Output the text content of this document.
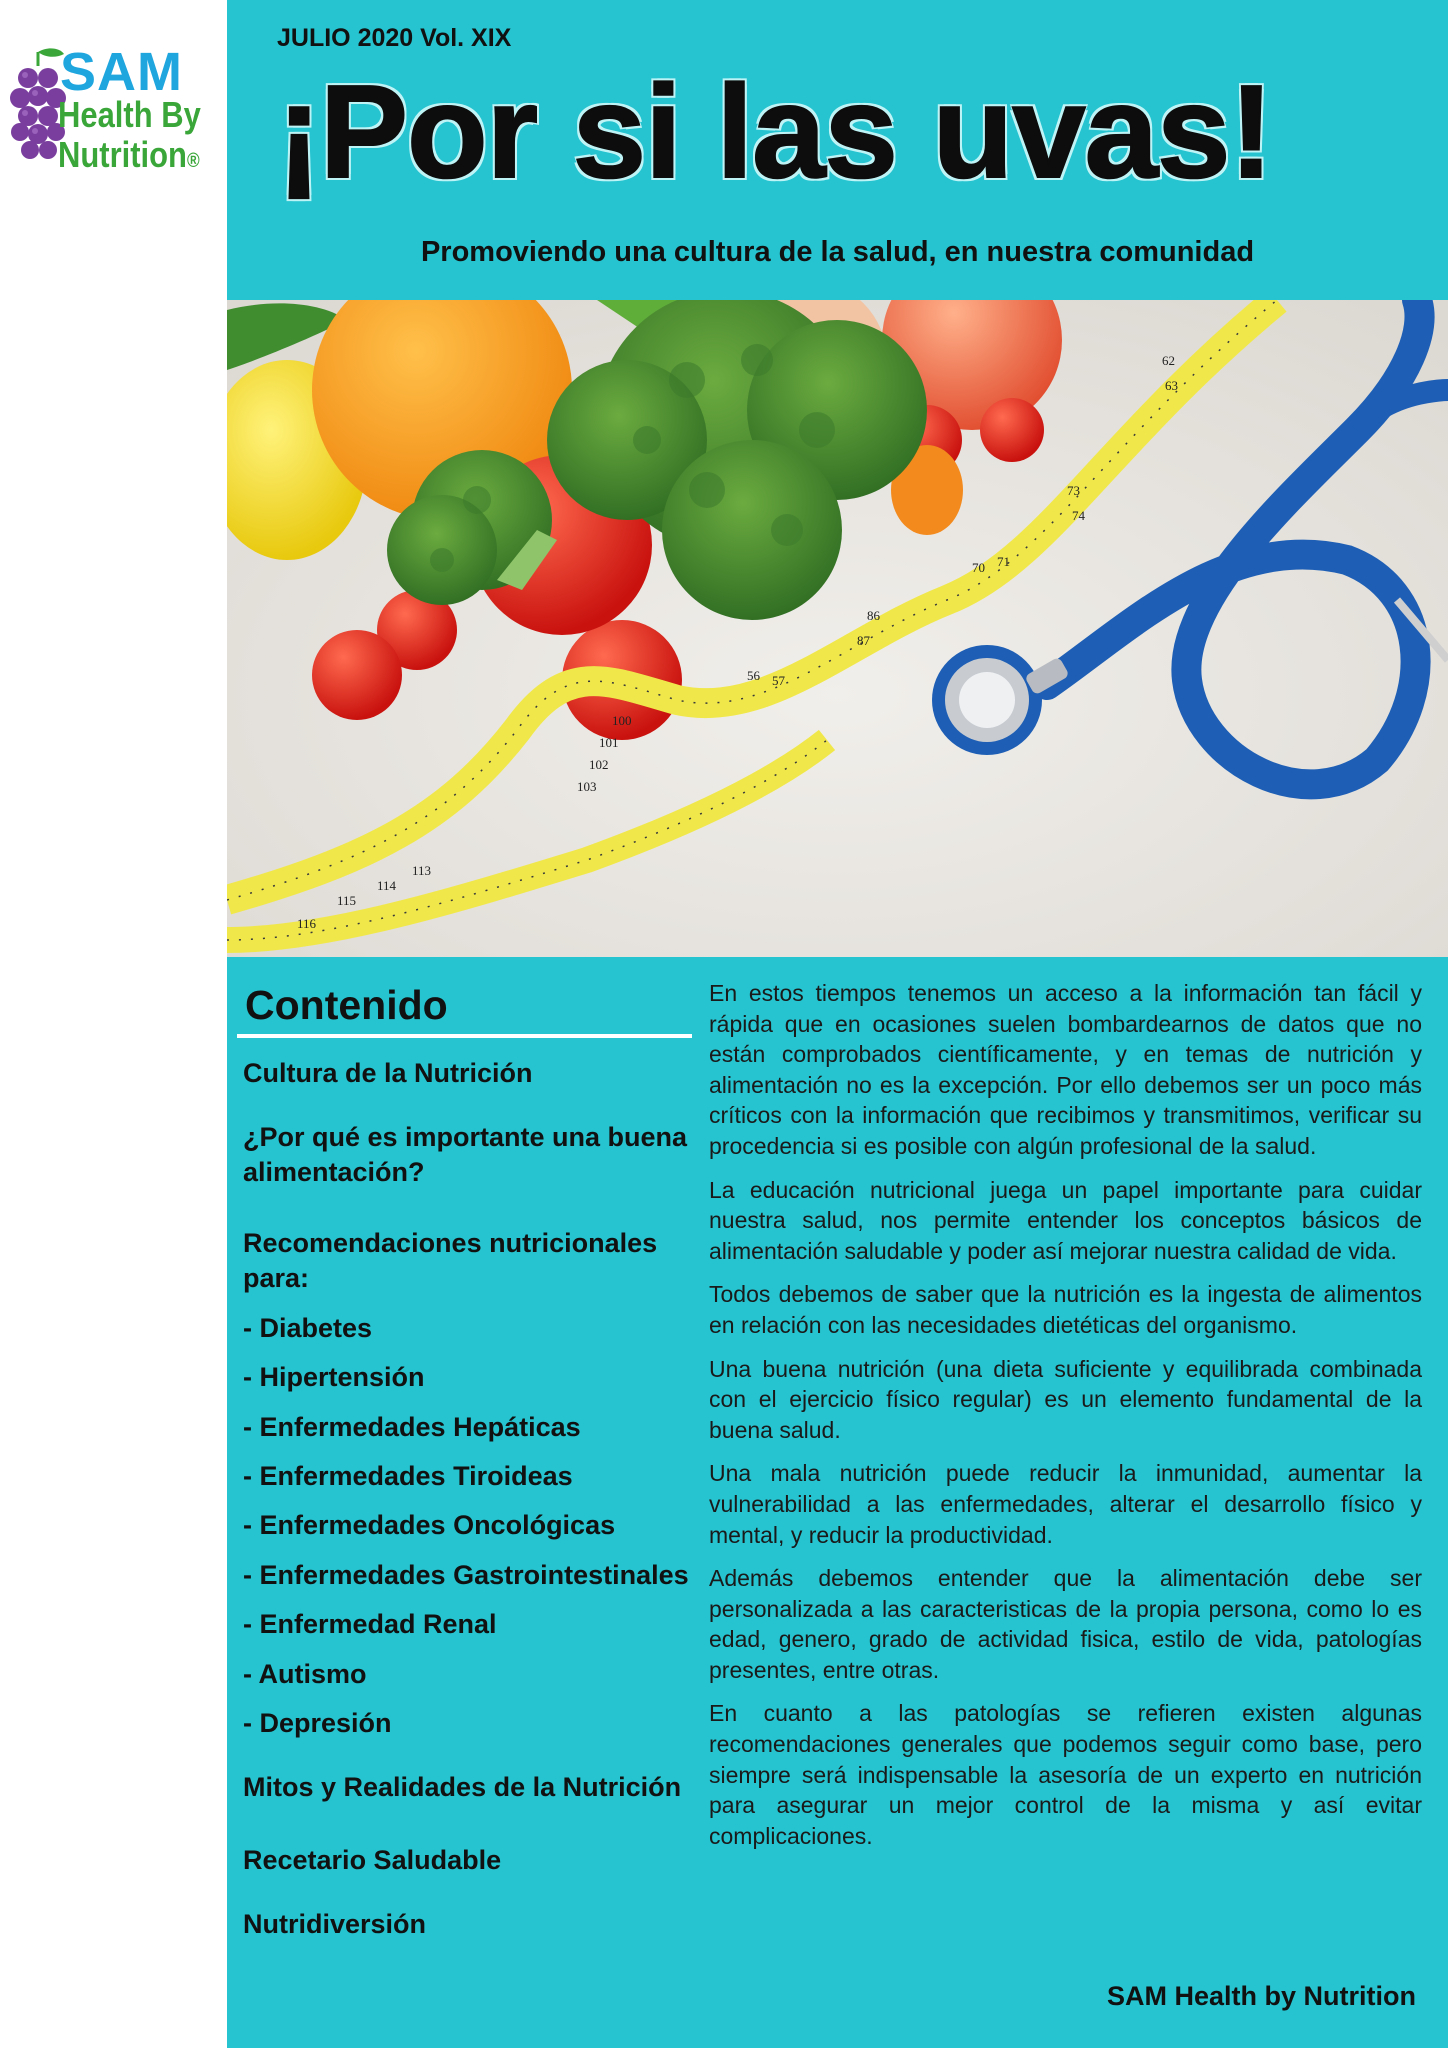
SAM
Health By
Nutrition®
JULIO 2020 Vol. XIX
¡Por si las uvas!
Promoviendo una cultura de la salud, en nuestra comunidad
100
101
102
103
113
114
115
116
86
87
73
74
62
63
56 57
70 71
Contenido
Cultura de la Nutrición
¿Por qué es importante una buena alimentación?
Recomendaciones nutricionales para:
- Diabetes
- Hipertensión
- Enfermedades Hepáticas
- Enfermedades Tiroideas
- Enfermedades Oncológicas
- Enfermedades Gastrointestinales
- Enfermedad Renal
- Autismo
- Depresión
Mitos y Realidades de la Nutrición
Recetario Saludable
Nutridiversión

En estos tiempos tenemos un acceso a la información tan fácil y rápida que en ocasiones suelen bombardearnos de datos que no están comprobados científicamente, y en temas de nutrición y alimentación no es la excepción. Por ello debemos ser un poco más críticos con la información que recibimos y transmitimos, verificar su procedencia si es posible con algún profesional de la salud.

La educación nutricional juega un papel importante para cuidar nuestra salud, nos permite entender los conceptos básicos de alimentación saludable y poder así mejorar nuestra calidad de vida.

Todos debemos de saber que la nutrición es la ingesta de alimentos en relación con las necesidades dietéticas del organismo.

Una buena nutrición (una dieta suficiente y equilibrada combinada con el ejercicio físico regular) es un elemento fundamental de la buena salud.

Una mala nutrición puede reducir la inmunidad, aumentar la vulnerabilidad a las enfermedades, alterar el desarrollo físico y mental, y reducir la productividad.

Además debemos entender que la alimentación debe ser personalizada a las caracteristicas de la propia persona, como lo es edad, genero, grado de actividad fisica, estilo de vida, patologías presentes, entre otras.

En cuanto a las patologías se refieren existen algunas recomendaciones generales que podemos seguir como base, pero siempre será indispensable la asesoría de un experto en nutrición para asegurar un mejor control de la misma y así evitar complicaciones.

SAM Health by Nutrition
